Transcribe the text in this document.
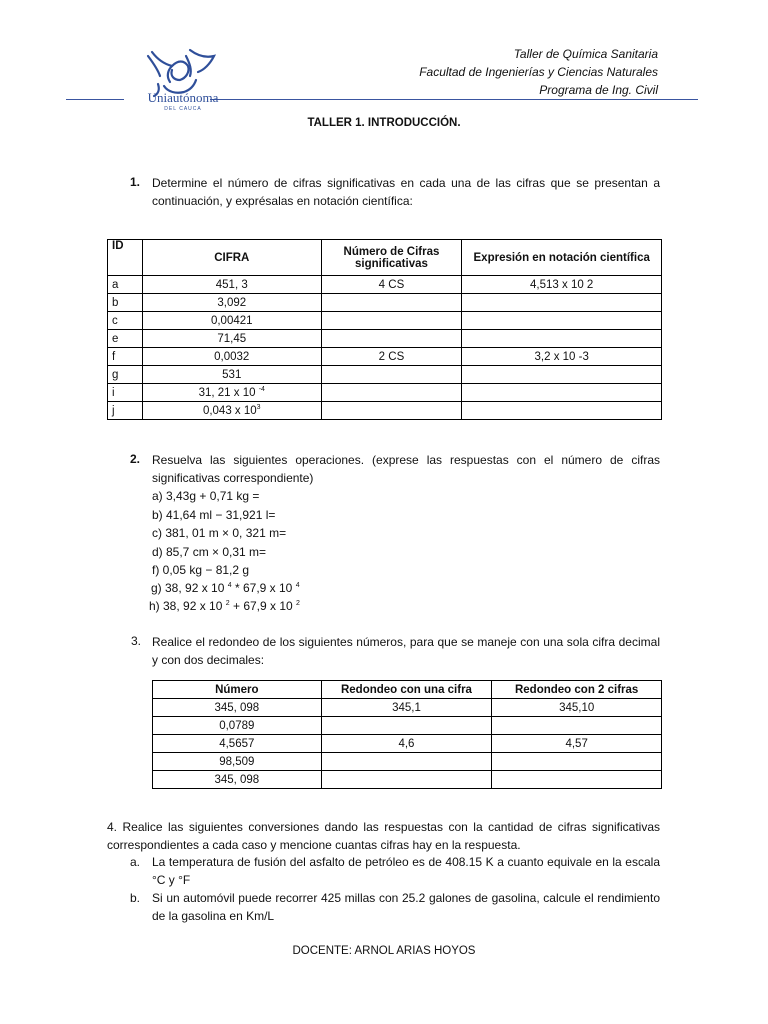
Uniautónoma
DEL CAUCA
Taller de Química Sanitaria
Facultad de Ingenierías y Ciencias Naturales
Programa de Ing. Civil
TALLER 1. INTRODUCCIÓN.
1. Determine el número de cifras significativas en cada una de las cifras que se presentan a continuación, y exprésalas en notación científica:
ID	CIFRA	Número de Cifras significativas	Expresión en notación científica
a	451, 3	4 CS	4,513 x 10 2
b	3,092		
c	0,00421		
e	71,45		
f	0,0032	2 CS	3,2 x 10 -3
g	531		
i	31, 21 x 10 $^{-4}$		
j	0,043 x $10^3$		
2. Resuelva las siguientes operaciones. (exprese las respuestas con el número de cifras significativas correspondiente)
a) 3,43g + 0,71 kg =
b) 41,64 ml − 31,921 l=
c) 381, 01 m × 0, 321 m=
d) 85,7 cm × 0,31 m=
f) 0,05 kg − 81,2 g
g) 38, 92 x 10 $^4$ * 67,9 x 10 $^4$
h) 38, 92 x 10 $^2$ + 67,9 x 10 $^2$
3. Realice el redondeo de los siguientes números, para que se maneje con una sola cifra decimal y con dos decimales:
Número	Redondeo con una cifra	Redondeo con 2 cifras
345, 098	345,1	345,10
0,0789		
4,5657	4,6	4,57
98,509		
345, 098		
4. Realice las siguientes conversiones dando las respuestas con la cantidad de cifras significativas correspondientes a cada caso y mencione cuantas cifras hay en la respuesta.
a. La temperatura de fusión del asfalto de petróleo es de 408.15 K a cuanto equivale en la escala °C y °F
b. Si un automóvil puede recorrer 425 millas con 25.2 galones de gasolina, calcule el rendimiento de la gasolina en Km/L
DOCENTE: ARNOL ARIAS HOYOS
